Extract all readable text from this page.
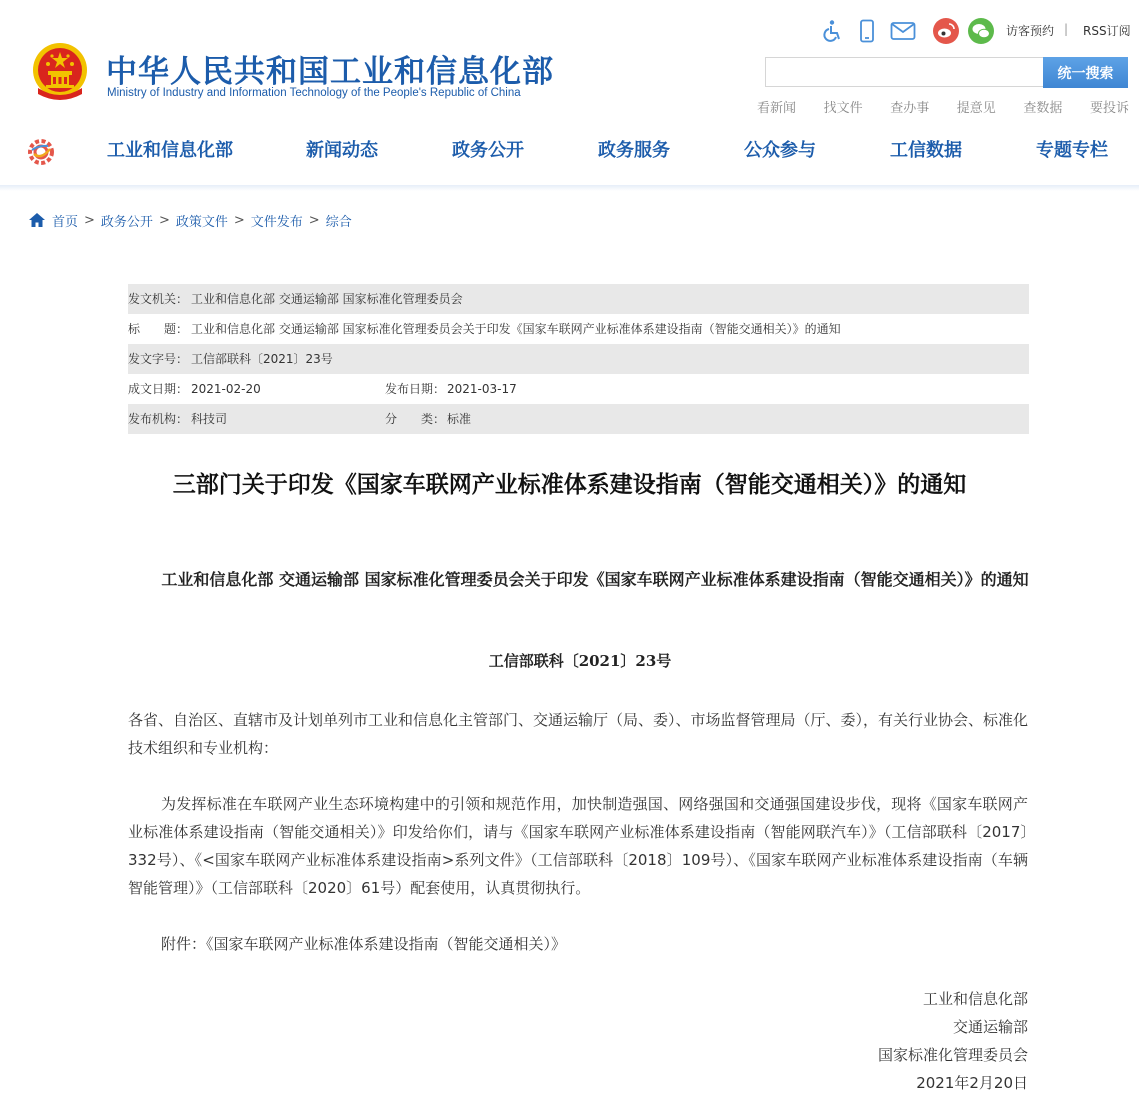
中华人民共和国工业和信息化部
Ministry of Industry and Information Technology of the People's Republic of China
访客预约 | RSS订阅
统一搜索
看新闻 找文件 查办事 提意见 查数据 要投诉
工业和信息化部	新闻动态	政务公开	政务服务	公众参与	工信数据	专题专栏
首页 > 政务公开 > 政策文件 > 文件发布 > 综合
发文机关： 工业和信息化部 交通运输部 国家标准化管理委员会
标　　题： 工业和信息化部 交通运输部 国家标准化管理委员会关于印发《国家车联网产业标准体系建设指南（智能交通相关）》的通知
发文字号： 工信部联科〔2021〕23号
成文日期： 2021-02-20	发布日期： 2021-03-17
发布机构： 科技司	分　　类： 标准
三部门关于印发《国家车联网产业标准体系建设指南（智能交通相关）》的通知
工业和信息化部 交通运输部 国家标准化管理委员会关于印发《国家车联网产业标准体系建设指南（智能交通相关）》的通知
工信部联科〔2021〕23号
各省、自治区、直辖市及计划单列市工业和信息化主管部门、交通运输厅（局、委）、市场监督管理局（厅、委），有关行业协会、标准化技术组织和专业机构：
为发挥标准在车联网产业生态环境构建中的引领和规范作用，加快制造强国、网络强国和交通强国建设步伐，现将《国家车联网产业标准体系建设指南（智能交通相关）》印发给你们，请与《国家车联网产业标准体系建设指南（智能网联汽车）》（工信部联科〔2017〕332号）、《<国家车联网产业标准体系建设指南>系列文件》（工信部联科〔2018〕109号）、《国家车联网产业标准体系建设指南（车辆智能管理）》（工信部联科〔2020〕61号）配套使用，认真贯彻执行。
附件：《国家车联网产业标准体系建设指南（智能交通相关）》
工业和信息化部
交通运输部
国家标准化管理委员会
2021年2月20日
